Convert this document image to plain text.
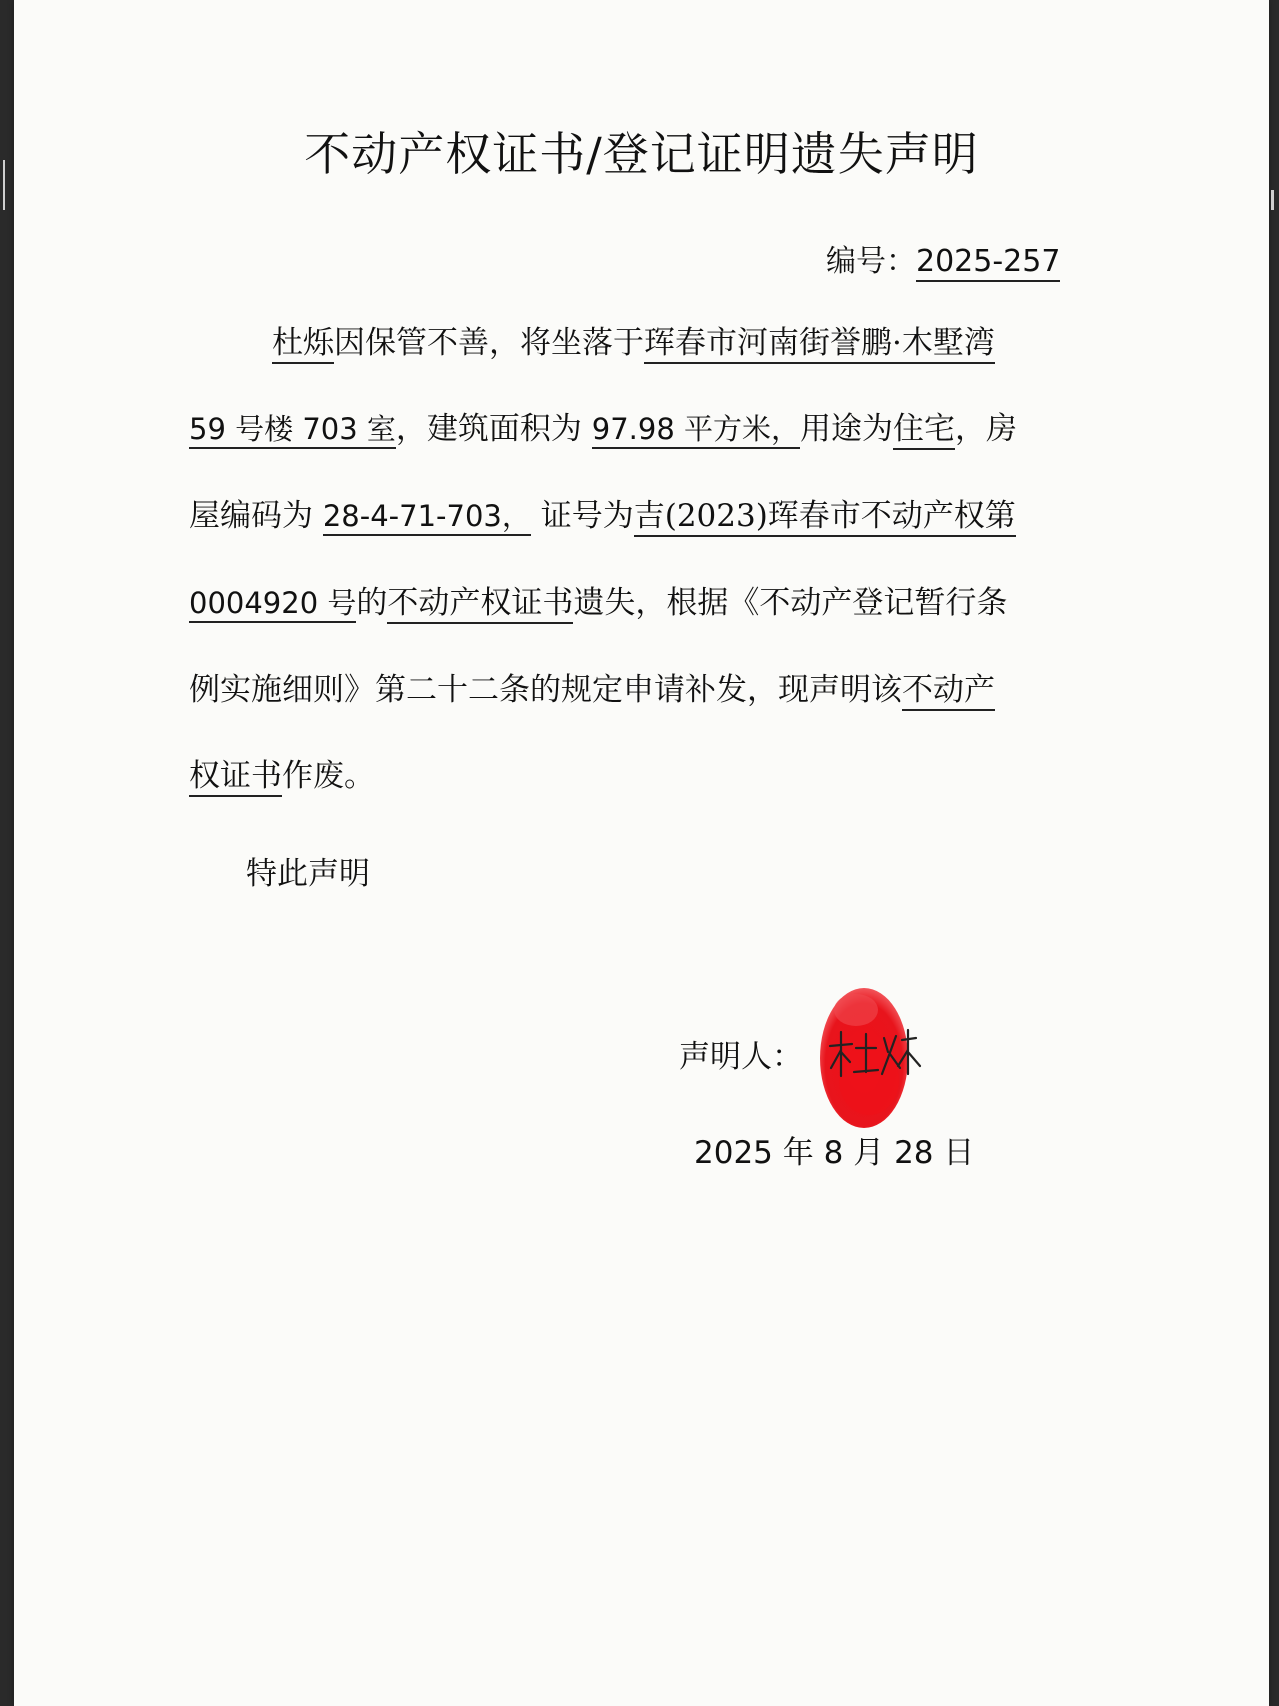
不动产权证书/登记证明遗失声明
编号：2025-257
杜烁因保管不善，将坐落于珲春市河南街誉鹏·木墅湾
59 号楼 703 室，建筑面积为 97.98 平方米，用途为住宅，房
屋编码为 28-4-71-703， 证号为吉(2023)珲春市不动产权第
0004920 号的不动产权证书遗失，根据《不动产登记暂行条
例实施细则》第二十二条的规定申请补发，现声明该不动产
权证书作废。
特此声明
声明人：
2025 年 8 月 28 日
